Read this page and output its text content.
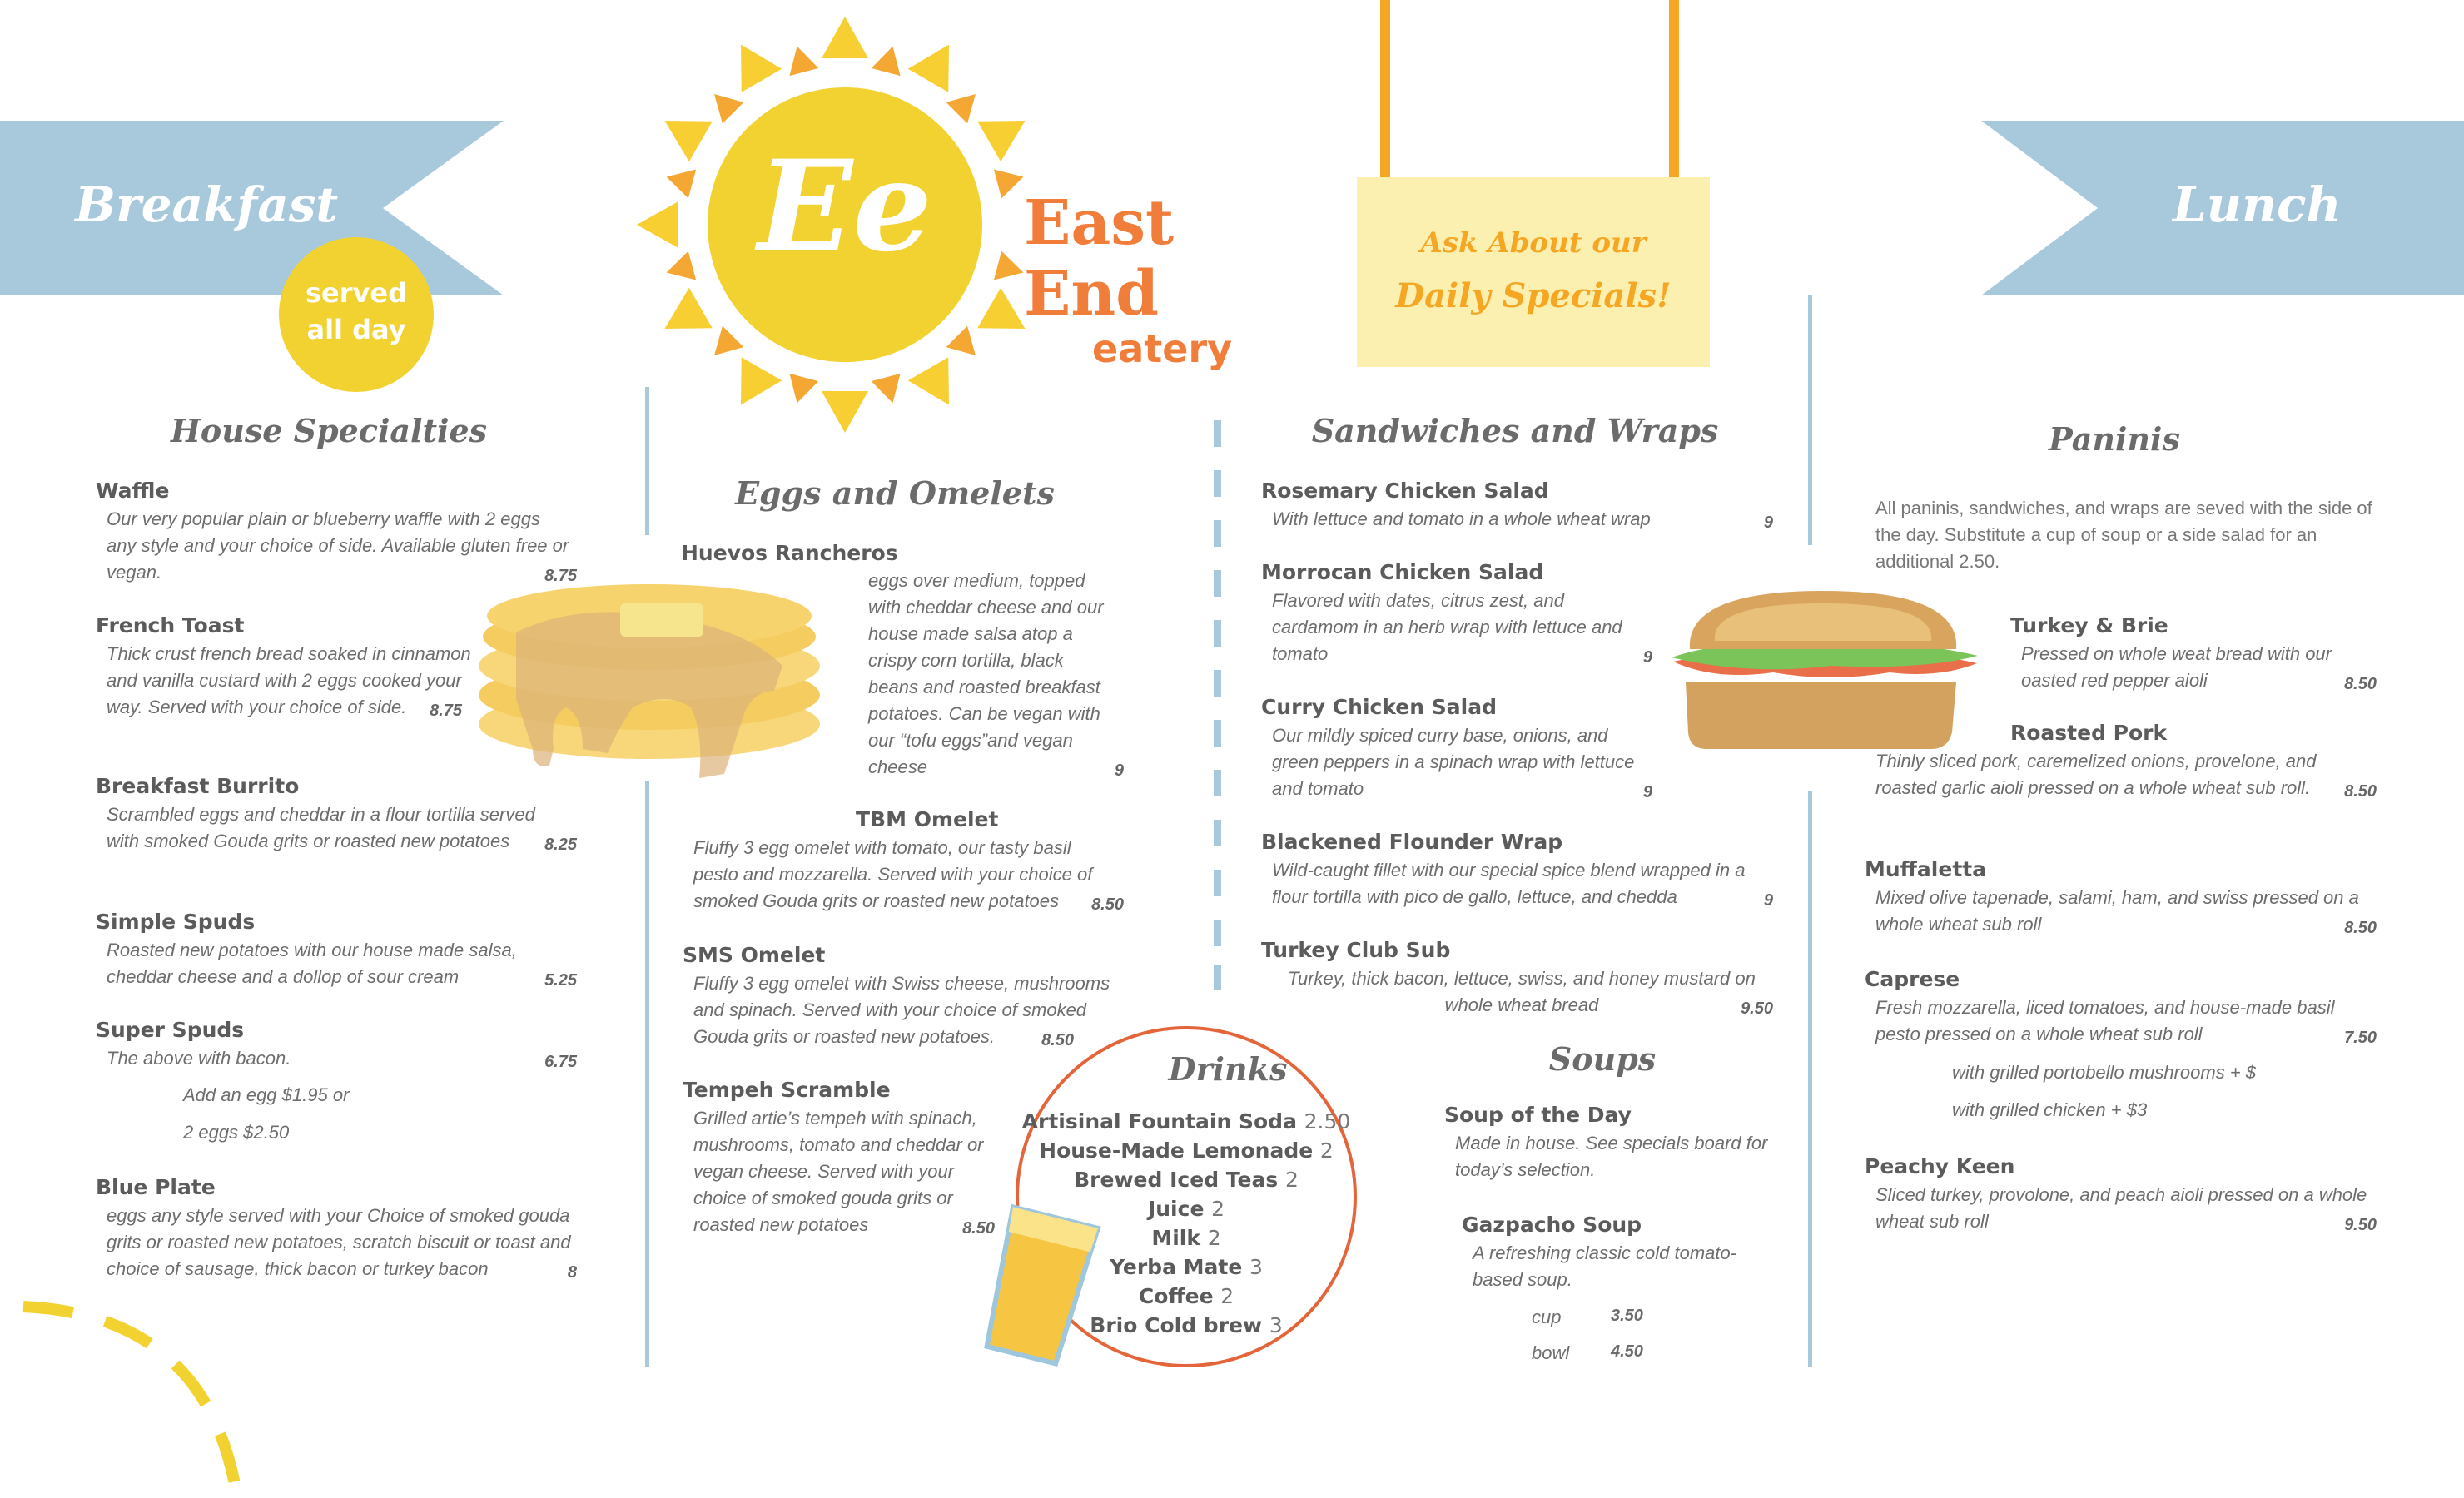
Breakfast	Lunch
served
all day
Ee East
End
eatery
Ask About our
Daily Specials!
House Specialties
Waffle
Our very popular plain or blueberry waffle with 2 eggs any style and your choice of side. Available gluten free or vegan.	8.75
French Toast
Thick crust french bread soaked in cinnamon and vanilla custard with 2 eggs cooked your way. Served with your choice of side.	8.75
Breakfast Burrito
Scrambled eggs and cheddar in a flour tortilla served with smoked Gouda grits or roasted new potatoes	8.25
Simple Spuds
Roasted new potatoes with our house made salsa, cheddar cheese and a dollop of sour cream	5.25
Super Spuds
The above with bacon.	6.75
Add an egg $1.95 or
2 eggs $2.50
Blue Plate
eggs any style served with your Choice of smoked gouda grits or roasted new potatoes, scratch biscuit or toast and choice of sausage, thick bacon or turkey bacon	8
Eggs and Omelets
Huevos Rancheros
eggs over medium, topped with cheddar cheese and our house made salsa atop a crispy corn tortilla, black beans and roasted breakfast potatoes. Can be vegan with our “tofu eggs”and vegan cheese	9
TBM Omelet
Fluffy 3 egg omelet with tomato, our tasty basil pesto and mozzarella. Served with your choice of smoked Gouda grits or roasted new potatoes	8.50
SMS Omelet
Fluffy 3 egg omelet with Swiss cheese, mushrooms and spinach. Served with your choice of smoked Gouda grits or roasted new potatoes.	8.50
Tempeh Scramble
Grilled artie’s tempeh with spinach, mushrooms, tomato and cheddar or vegan cheese. Served with your choice of smoked gouda grits or roasted new potatoes	8.50
Sandwiches and Wraps
Rosemary Chicken Salad
With lettuce and tomato in a whole wheat wrap	9
Morrocan Chicken Salad
Flavored with dates, citrus zest, and cardamom in an herb wrap with lettuce and tomato	9
Curry Chicken Salad
Our mildly spiced curry base, onions, and green peppers in a spinach wrap with lettuce and tomato	9
Blackened Flounder Wrap
Wild-caught fillet with our special spice blend wrapped in a flour tortilla with pico de gallo, lettuce, and chedda	9
Turkey Club Sub
Turkey, thick bacon, lettuce, swiss, and honey mustard on whole wheat bread	9.50
Drinks
Artisinal Fountain Soda 2.50
House-Made Lemonade 2
Brewed Iced Teas 2
Juice 2
Milk 2
Yerba Mate 3
Coffee 2
Brio Cold brew 3
Soups
Soup of the Day
Made in house. See specials board for today’s selection.
Gazpacho Soup
A refreshing classic cold tomato-based soup.
cup	3.50
bowl 4.50
Paninis
All paninis, sandwiches, and wraps are seved with the side of the day. Substitute a cup of soup or a side salad for an additional 2.50.
Turkey & Brie
Pressed on whole weat bread with our oasted red pepper aioli	8.50
Roasted Pork
Thinly sliced pork, caremelized onions, provelone, and roasted garlic aioli pressed on a whole wheat sub roll.	8.50
Muffaletta
Mixed olive tapenade, salami, ham, and swiss pressed on a whole wheat sub roll	8.50
Caprese
Fresh mozzarella, liced tomatoes, and house-made basil pesto pressed on a whole wheat sub roll	7.50
with grilled portobello mushrooms + $
with grilled chicken + $3
Peachy Keen
Sliced turkey, provolone, and peach aioli pressed on a whole wheat sub roll	9.50
